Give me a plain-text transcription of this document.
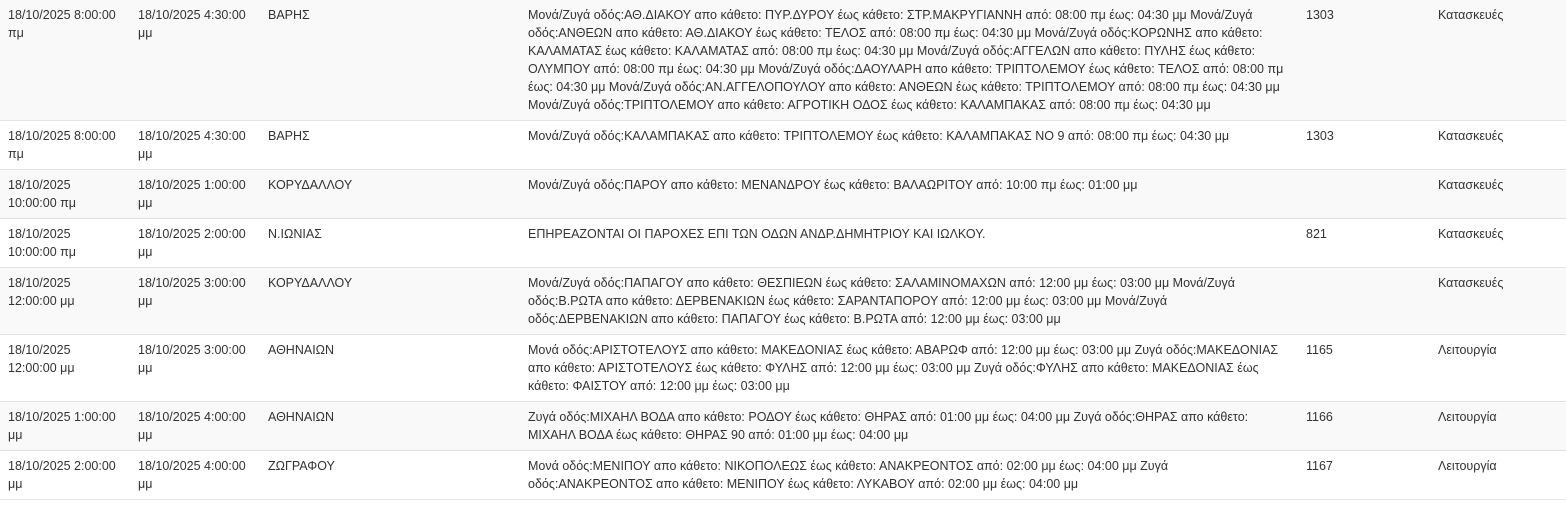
18/10/2025 8:00:00 πμ	18/10/2025 4:30:00 μμ	ΒΑΡΗΣ	Μονά/Ζυγά οδός:ΑΘ.ΔΙΑΚΟΥ απο κάθετο: ΠΥΡ.ΔΥΡΟΥ έως κάθετο: ΣΤΡ.ΜΑΚΡΥΓΙΑΝΝΗ από: 08:00 πμ έως: 04:30 μμ Μονά/Ζυγά οδός:ΑΝΘΕΩΝ απο κάθετο: ΑΘ.ΔΙΑΚΟΥ έως κάθετο: ΤΕΛΟΣ από: 08:00 πμ έως: 04:30 μμ Μονά/Ζυγά οδός:ΚΟΡΩΝΗΣ απο κάθετο: ΚΑΛΑΜΑΤΑΣ έως κάθετο: ΚΑΛΑΜΑΤΑΣ από: 08:00 πμ έως: 04:30 μμ Μονά/Ζυγά οδός:ΑΓΓΕΛΩΝ απο κάθετο: ΠΥΛΗΣ έως κάθετο: ΟΛΥΜΠΟΥ από: 08:00 πμ έως: 04:30 μμ Μονά/Ζυγά οδός:ΔΑΟΥΛΑΡΗ απο κάθετο: ΤΡΙΠΤΟΛΕΜΟΥ έως κάθετο: ΤΕΛΟΣ από: 08:00 πμ έως: 04:30 μμ Μονά/Ζυγά οδός:ΑΝ.ΑΓΓΕΛΟΠΟΥΛΟΥ απο κάθετο: ΑΝΘΕΩΝ έως κάθετο: ΤΡΙΠΤΟΛΕΜΟΥ από: 08:00 πμ έως: 04:30 μμ Μονά/Ζυγά οδός:ΤΡΙΠΤΟΛΕΜΟΥ απο κάθετο: ΑΓΡΟΤΙΚΗ ΟΔΟΣ έως κάθετο: ΚΑΛΑΜΠΑΚΑΣ από: 08:00 πμ έως: 04:30 μμ	1303	Κατασκευές
18/10/2025 8:00:00 πμ	18/10/2025 4:30:00 μμ	ΒΑΡΗΣ	Μονά/Ζυγά οδός:ΚΑΛΑΜΠΑΚΑΣ απο κάθετο: ΤΡΙΠΤΟΛΕΜΟΥ έως κάθετο: ΚΑΛΑΜΠΑΚΑΣ ΝΟ 9 από: 08:00 πμ έως: 04:30 μμ	1303	Κατασκευές
18/10/2025 10:00:00 πμ	18/10/2025 1:00:00 μμ	ΚΟΡΥΔΑΛΛΟΥ	Μονά/Ζυγά οδός:ΠΑΡΟΥ απο κάθετο: ΜΕΝΑΝΔΡΟΥ έως κάθετο: ΒΑΛΑΩΡΙΤΟΥ από: 10:00 πμ έως: 01:00 μμ		Κατασκευές
18/10/2025 10:00:00 πμ	18/10/2025 2:00:00 μμ	Ν.ΙΩΝΙΑΣ	ΕΠΗΡΕΑΖΟΝΤΑΙ ΟΙ ΠΑΡΟΧΕΣ ΕΠΙ ΤΩΝ ΟΔΩΝ ΑΝΔΡ.ΔΗΜΗΤΡΙΟΥ ΚΑΙ ΙΩΛΚΟΥ.	821	Κατασκευές
18/10/2025 12:00:00 μμ	18/10/2025 3:00:00 μμ	ΚΟΡΥΔΑΛΛΟΥ	Μονά/Ζυγά οδός:ΠΑΠΑΓΟΥ απο κάθετο: ΘΕΣΠΙΕΩΝ έως κάθετο: ΣΑΛΑΜΙΝΟΜΑΧΩΝ από: 12:00 μμ έως: 03:00 μμ Μονά/Ζυγά οδός:Β.ΡΩΤΑ απο κάθετο: ΔΕΡΒΕΝΑΚΙΩΝ έως κάθετο: ΣΑΡΑΝΤΑΠΟΡΟΥ από: 12:00 μμ έως: 03:00 μμ Μονά/Ζυγά οδός:ΔΕΡΒΕΝΑΚΙΩΝ απο κάθετο: ΠΑΠΑΓΟΥ έως κάθετο: Β.ΡΩΤΑ από: 12:00 μμ έως: 03:00 μμ		Κατασκευές
18/10/2025 12:00:00 μμ	18/10/2025 3:00:00 μμ	ΑΘΗΝΑΙΩΝ	Μονά οδός:ΑΡΙΣΤΟΤΕΛΟΥΣ απο κάθετο: ΜΑΚΕΔΟΝΙΑΣ έως κάθετο: ΑΒΑΡΩΦ από: 12:00 μμ έως: 03:00 μμ Ζυγά οδός:ΜΑΚΕΔΟΝΙΑΣ απο κάθετο: ΑΡΙΣΤΟΤΕΛΟΥΣ έως κάθετο: ΦΥΛΗΣ από: 12:00 μμ έως: 03:00 μμ Ζυγά οδός:ΦΥΛΗΣ απο κάθετο: ΜΑΚΕΔΟΝΙΑΣ έως κάθετο: ΦΑΙΣΤΟΥ από: 12:00 μμ έως: 03:00 μμ	1165	Λειτουργία
18/10/2025 1:00:00 μμ	18/10/2025 4:00:00 μμ	ΑΘΗΝΑΙΩΝ	Ζυγά οδός:ΜΙΧΑΗΛ ΒΟΔΑ απο κάθετο: ΡΟΔΟΥ έως κάθετο: ΘΗΡΑΣ από: 01:00 μμ έως: 04:00 μμ Ζυγά οδός:ΘΗΡΑΣ απο κάθετο: ΜΙΧΑΗΛ ΒΟΔΑ έως κάθετο: ΘΗΡΑΣ 90 από: 01:00 μμ έως: 04:00 μμ	1166	Λειτουργία
18/10/2025 2:00:00 μμ	18/10/2025 4:00:00 μμ	ΖΩΓΡΑΦΟΥ	Μονά οδός:ΜΕΝΙΠΟΥ απο κάθετο: ΝΙΚΟΠΟΛΕΩΣ έως κάθετο: ΑΝΑΚΡΕΟΝΤΟΣ από: 02:00 μμ έως: 04:00 μμ Ζυγά οδός:ΑΝΑΚΡΕΟΝΤΟΣ απο κάθετο: ΜΕΝΙΠΟΥ έως κάθετο: ΛΥΚΑΒΟΥ από: 02:00 μμ έως: 04:00 μμ	1167	Λειτουργία
